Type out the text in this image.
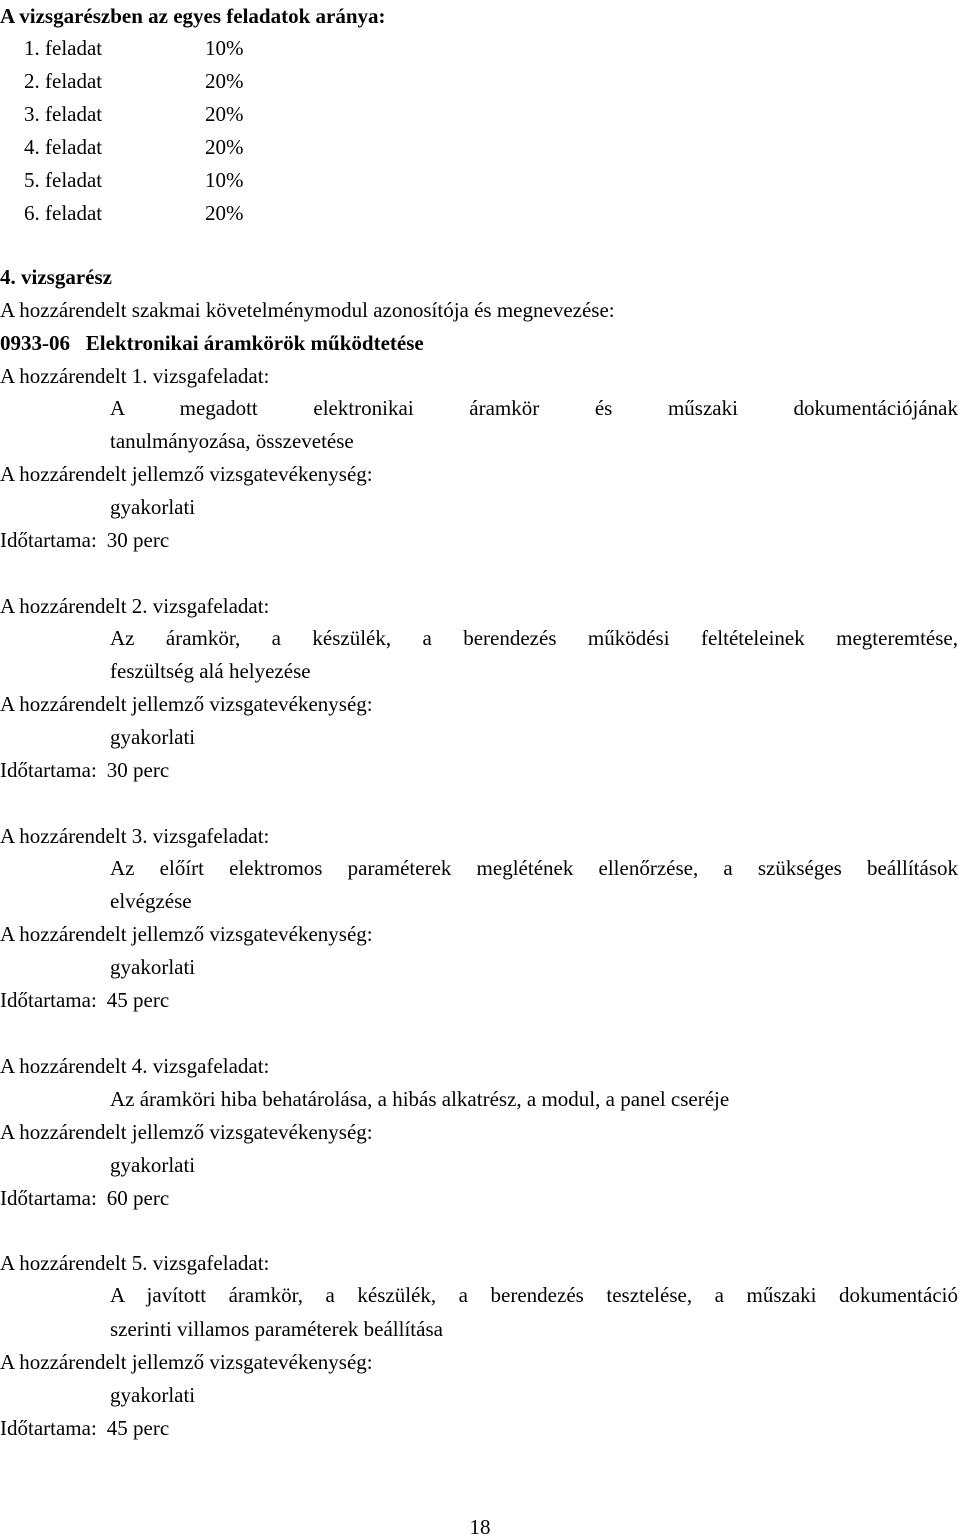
A vizsgarészben az egyes feladatok aránya:
1. feladat	10%
2. feladat	20%
3. feladat	20%
4. feladat	20%
5. feladat	10%
6. feladat	20%
4. vizsgarész
A hozzárendelt szakmai követelménymodul azonosítója és megnevezése:
0933-06   Elektronikai áramkörök működtetése
A hozzárendelt 1. vizsgafeladat:
A megadott elektronikai áramkör és műszaki dokumentációjának
tanulmányozása, összevetése
A hozzárendelt jellemző vizsgatevékenység:
gyakorlati
Időtartama: 30 perc
A hozzárendelt 2. vizsgafeladat:
Az áramkör, a készülék, a berendezés működési feltételeinek megteremtése,
feszültség alá helyezése
A hozzárendelt jellemző vizsgatevékenység:
gyakorlati
Időtartama: 30 perc
A hozzárendelt 3. vizsgafeladat:
Az előírt elektromos paraméterek meglétének ellenőrzése, a szükséges beállítások
elvégzése
A hozzárendelt jellemző vizsgatevékenység:
gyakorlati
Időtartama: 45 perc
A hozzárendelt 4. vizsgafeladat:
Az áramköri hiba behatárolása, a hibás alkatrész, a modul, a panel cseréje
A hozzárendelt jellemző vizsgatevékenység:
gyakorlati
Időtartama: 60 perc
A hozzárendelt 5. vizsgafeladat:
A javított áramkör, a készülék, a berendezés tesztelése, a műszaki dokumentáció
szerinti villamos paraméterek beállítása
A hozzárendelt jellemző vizsgatevékenység:
gyakorlati
Időtartama: 45 perc
18
